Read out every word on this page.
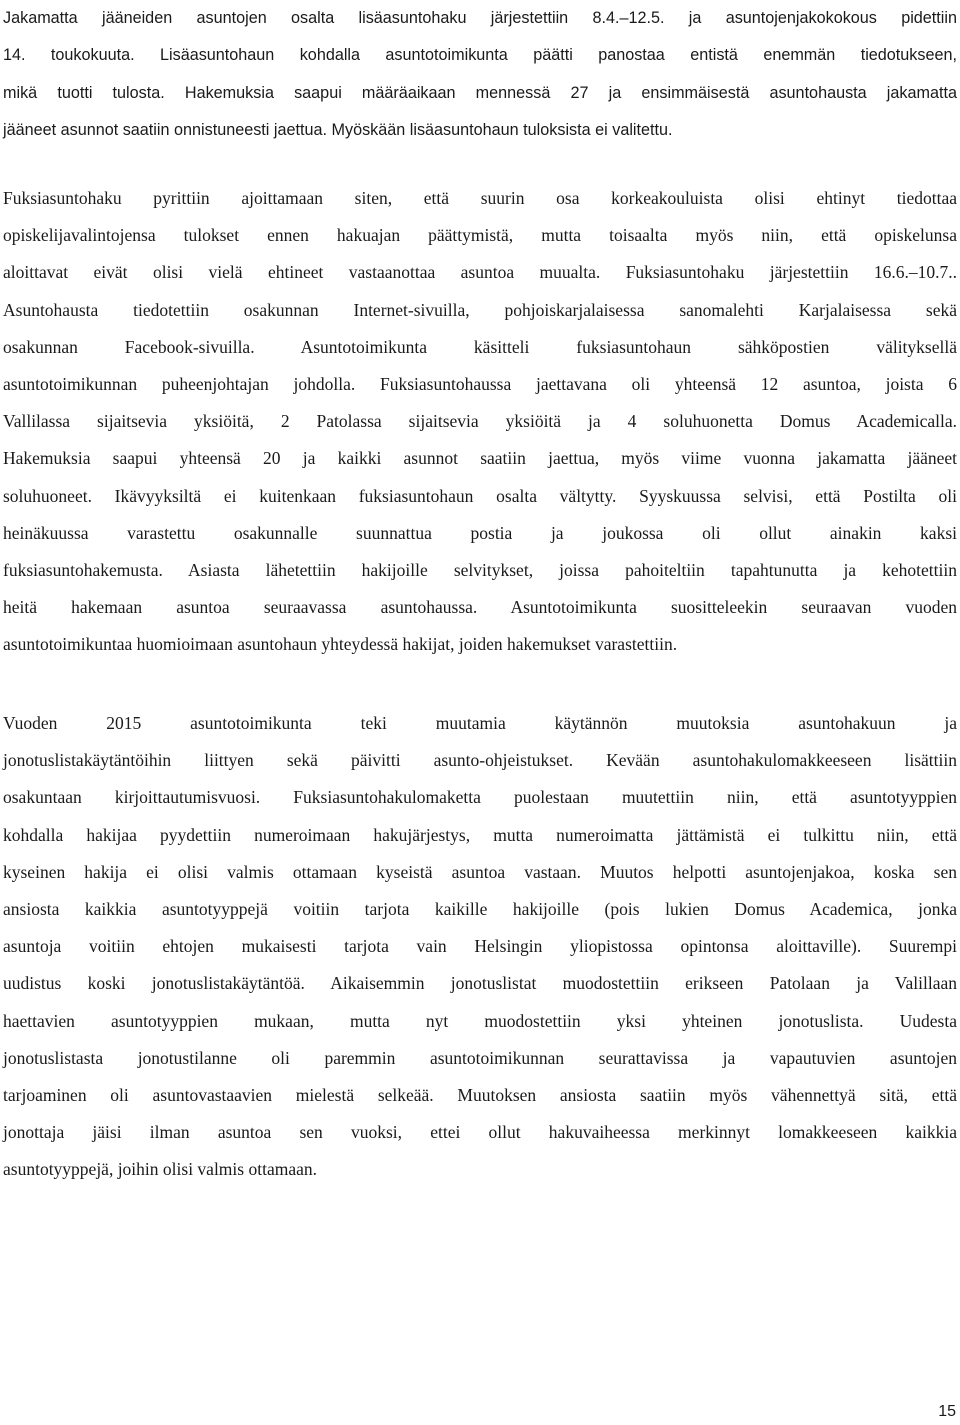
Jakamatta jääneiden asuntojen osalta lisäasuntohaku järjestettiin 8.4.–12.5. ja asuntojenjakokokous pidettiin
14. toukokuuta. Lisäasuntohaun kohdalla asuntotoimikunta päätti panostaa entistä enemmän tiedotukseen,
mikä tuotti tulosta. Hakemuksia saapui määräaikaan mennessä 27 ja ensimmäisestä asuntohausta jakamatta
jääneet asunnot saatiin onnistuneesti jaettua. Myöskään lisäasuntohaun tuloksista ei valitettu.

Fuksiasuntohaku pyrittiin ajoittamaan siten, että suurin osa korkeakouluista olisi ehtinyt tiedottaa
opiskelijavalintojensa tulokset ennen hakuajan päättymistä, mutta toisaalta myös niin, että opiskelunsa
aloittavat eivät olisi vielä ehtineet vastaanottaa asuntoa muualta. Fuksiasuntohaku järjestettiin 16.6.–10.7..
Asuntohausta tiedotettiin osakunnan Internet-sivuilla, pohjoiskarjalaisessa sanomalehti Karjalaisessa sekä
osakunnan Facebook-sivuilla. Asuntotoimikunta käsitteli fuksiasuntohaun sähköpostien välityksellä
asuntotoimikunnan puheenjohtajan johdolla. Fuksiasuntohaussa jaettavana oli yhteensä 12 asuntoa, joista 6
Vallilassa sijaitsevia yksiöitä, 2 Patolassa sijaitsevia yksiöitä ja 4 soluhuonetta Domus Academicalla.
Hakemuksia saapui yhteensä 20 ja kaikki asunnot saatiin jaettua, myös viime vuonna jakamatta jääneet
soluhuoneet. Ikävyyksiltä ei kuitenkaan fuksiasuntohaun osalta vältytty. Syyskuussa selvisi, että Postilta oli
heinäkuussa varastettu osakunnalle suunnattua postia ja joukossa oli ollut ainakin kaksi
fuksiasuntohakemusta. Asiasta lähetettiin hakijoille selvitykset, joissa pahoiteltiin tapahtunutta ja kehotettiin
heitä hakemaan asuntoa seuraavassa asuntohaussa. Asuntotoimikunta suositteleekin seuraavan vuoden
asuntotoimikuntaa huomioimaan asuntohaun yhteydessä hakijat, joiden hakemukset varastettiin.

Vuoden 2015 asuntotoimikunta teki muutamia käytännön muutoksia asuntohakuun ja
jonotuslistakäytäntöihin liittyen sekä päivitti asunto-ohjeistukset. Kevään asuntohakulomakkeeseen lisättiin
osakuntaan kirjoittautumisvuosi. Fuksiasuntohakulomaketta puolestaan muutettiin niin, että asuntotyyppien
kohdalla hakijaa pyydettiin numeroimaan hakujärjestys, mutta numeroimatta jättämistä ei tulkittu niin, että
kyseinen hakija ei olisi valmis ottamaan kyseistä asuntoa vastaan. Muutos helpotti asuntojenjakoa, koska sen
ansiosta kaikkia asuntotyyppejä voitiin tarjota kaikille hakijoille (pois lukien Domus Academica, jonka
asuntoja voitiin ehtojen mukaisesti tarjota vain Helsingin yliopistossa opintonsa aloittaville). Suurempi
uudistus koski jonotuslistakäytäntöä. Aikaisemmin jonotuslistat muodostettiin erikseen Patolaan ja Valillaan
haettavien asuntotyyppien mukaan, mutta nyt muodostettiin yksi yhteinen jonotuslista. Uudesta
jonotuslistasta jonotustilanne oli paremmin asuntotoimikunnan seurattavissa ja vapautuvien asuntojen
tarjoaminen oli asuntovastaavien mielestä selkeää. Muutoksen ansiosta saatiin myös vähennettyä sitä, että
jonottaja jäisi ilman asuntoa sen vuoksi, ettei ollut hakuvaiheessa merkinnyt lomakkeeseen kaikkia
asuntotyyppejä, joihin olisi valmis ottamaan.

15
